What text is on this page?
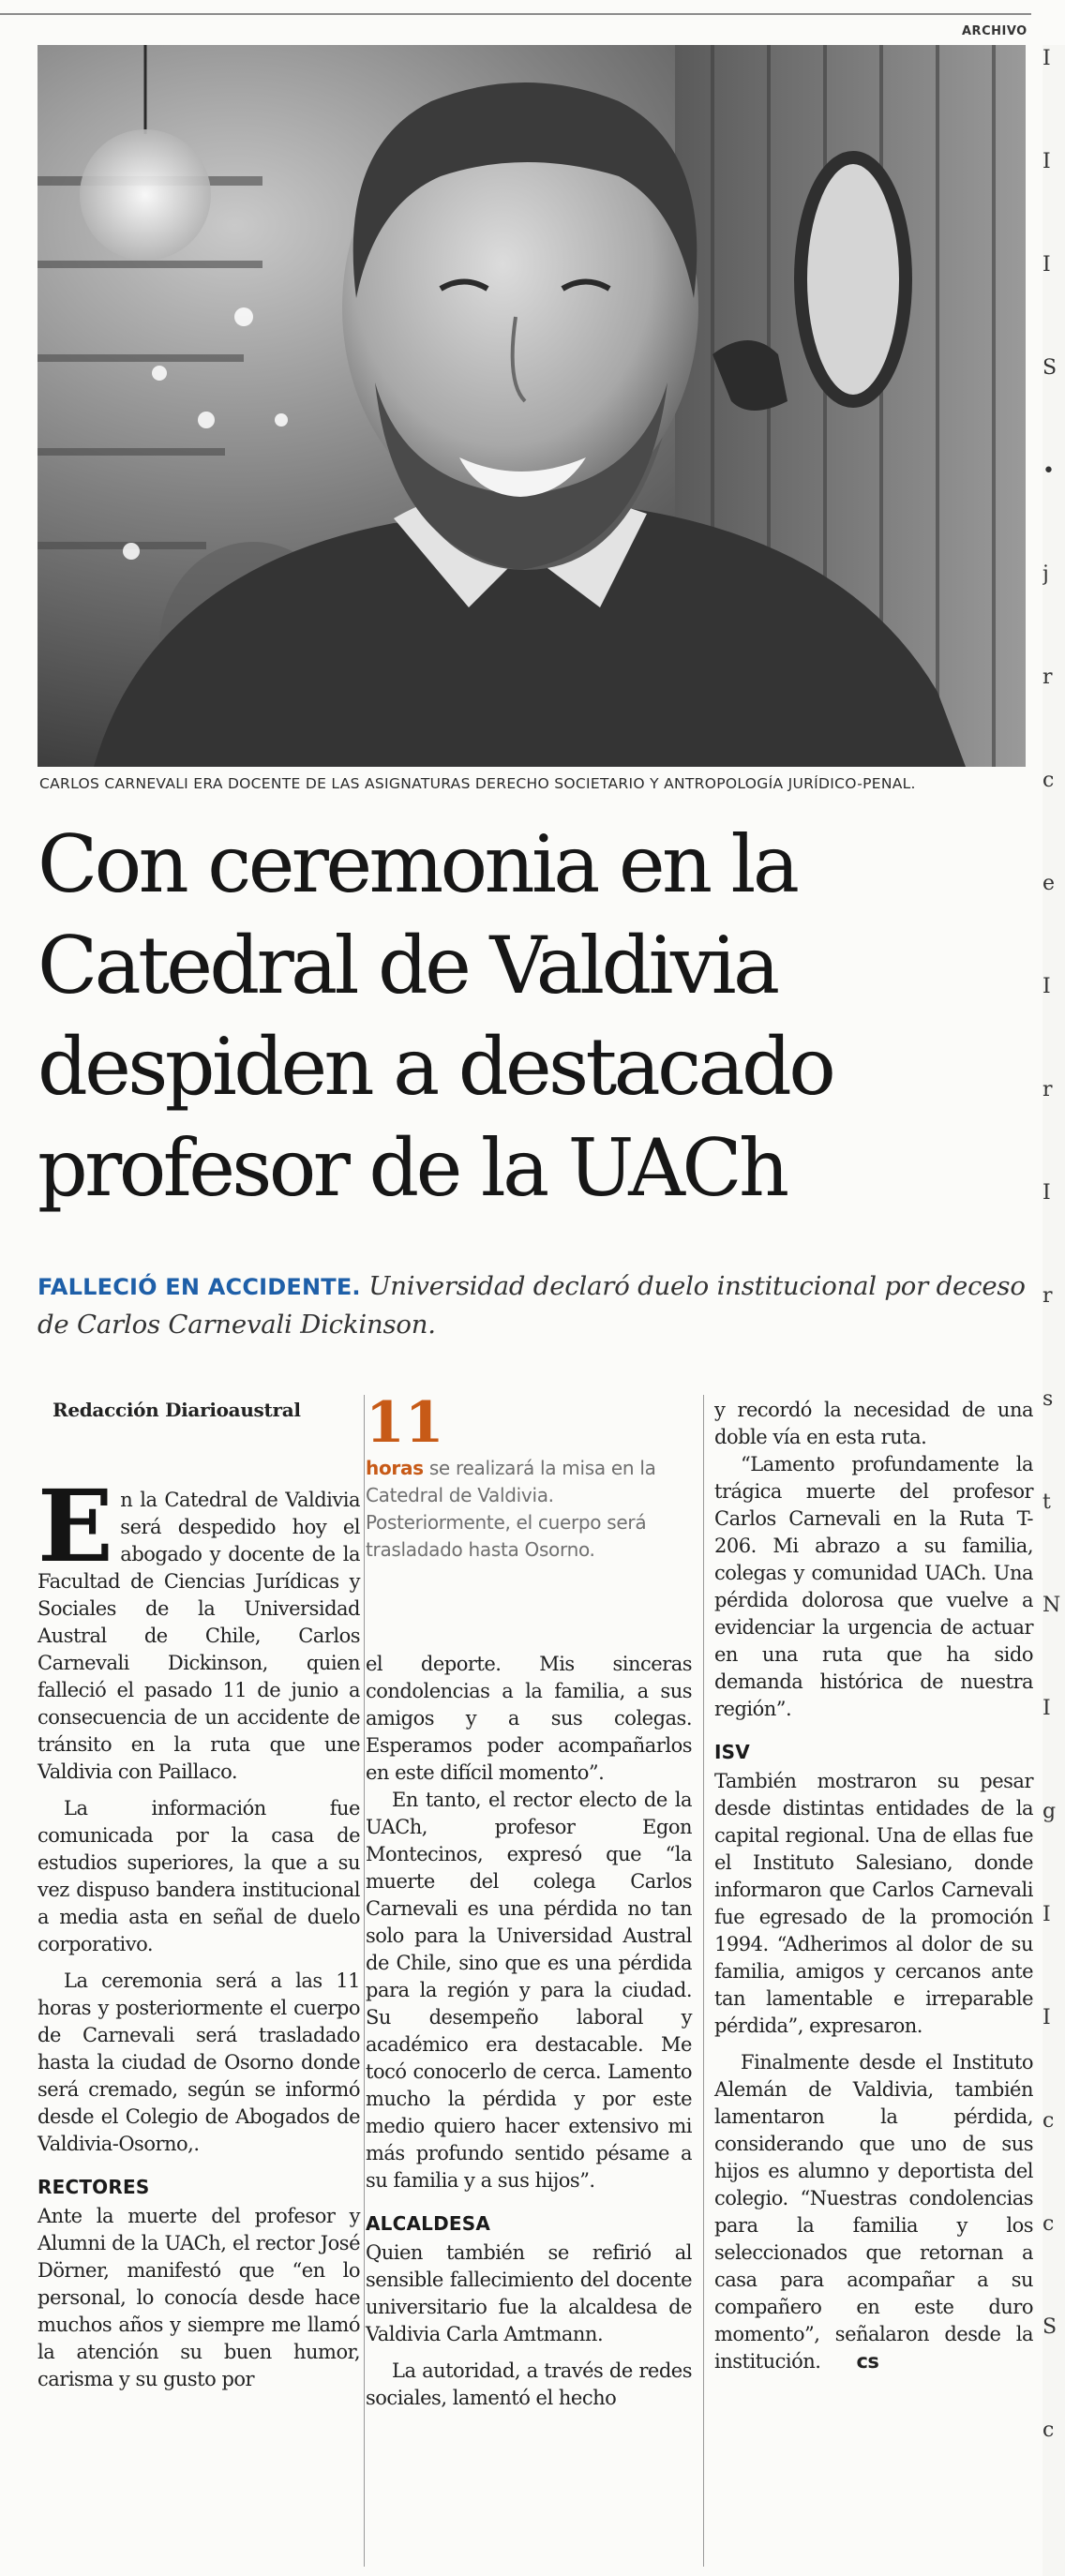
ARCHIVO
CARLOS CARNEVALI ERA DOCENTE DE LAS ASIGNATURAS DERECHO SOCIETARIO Y ANTROPOLOGÍA JURÍDICO-PENAL.
Con ceremonia en la
Catedral de Valdivia
despiden a destacado
profesor de la UACh
FALLECIÓ EN ACCIDENTE. Universidad declaró duelo institucional por deceso de Carlos Carnevali Dickinson.
Redacción Diarioaustral

En la Catedral de Valdivia será despedido hoy el abogado y docente de la Facultad de Ciencias Jurídicas y Sociales de la Universidad Austral de Chile, Carlos Carnevali Dickinson, quien falleció el pasado 11 de junio a consecuencia de un accidente de tránsito en la ruta que une Valdivia con Paillaco.

La información fue comunicada por la casa de estudios superiores, la que a su vez dispuso bandera institucional a media asta en señal de duelo corporativo.

La ceremonia será a las 11 horas y posteriormente el cuerpo de Carnevali será trasladado hasta la ciudad de Osorno donde será cremado, según se informó desde el Colegio de Abogados de Valdivia-Osorno,.

RECTORES

Ante la muerte del profesor y Alumni de la UACh, el rector José Dörner, manifestó que “en lo personal, lo conocía desde hace muchos años y siempre me llamó la atención su buen humor, carisma y su gusto por

11
horas se realizará la misa en la Catedral de Valdivia. Posteriormente, el cuerpo será trasladado hasta Osorno.

el deporte. Mis sinceras condolencias a la familia, a sus amigos y a sus colegas. Esperamos poder acompañarlos en este difícil momento”.

En tanto, el rector electo de la UACh, profesor Egon Montecinos, expresó que “la muerte del colega Carlos Carnevali es una pérdida no tan solo para la Universidad Austral de Chile, sino que es una pérdida para la región y para la ciudad. Su desempeño laboral y académico era destacable. Me tocó conocerlo de cerca. Lamento mucho la pérdida y por este medio quiero hacer extensivo mi más profundo sentido pésame a su familia y a sus hijos”.

ALCALDESA

Quien también se refirió al sensible fallecimiento del docente universitario fue la alcaldesa de Valdivia Carla Amtmann.

La autoridad, a través de redes sociales, lamentó el hecho

y recordó la necesidad de una doble vía en esta ruta.

“Lamento profundamente la trágica muerte del profesor Carlos Carnevali en la Ruta T-206. Mi abrazo a su familia, colegas y comunidad UACh. Una pérdida dolorosa que vuelve a evidenciar la urgencia de actuar en una ruta que ha sido demanda histórica de nuestra región”.

ISV

También mostraron su pesar desde distintas entidades de la capital regional. Una de ellas fue el Instituto Salesiano, donde informaron que Carlos Carnevali fue egresado de la promoción 1994. “Adherimos al dolor de su familia, amigos y cercanos ante tan lamentable e irreparable pérdida”, expresaron.

Finalmente desde el Instituto Alemán de Valdivia, también lamentaron la pérdida, considerando que uno de sus hijos es alumno y deportista del colegio. “Nuestras condolencias para la familia y los seleccionados que retornan a casa para acompañar a su compañero en este duro momento”, señalaron desde la institución. cs

I
I
I
S
•
j
r
c
e
I
r
I
r
s
t
N
I
g
I
I
c
c
S
c
